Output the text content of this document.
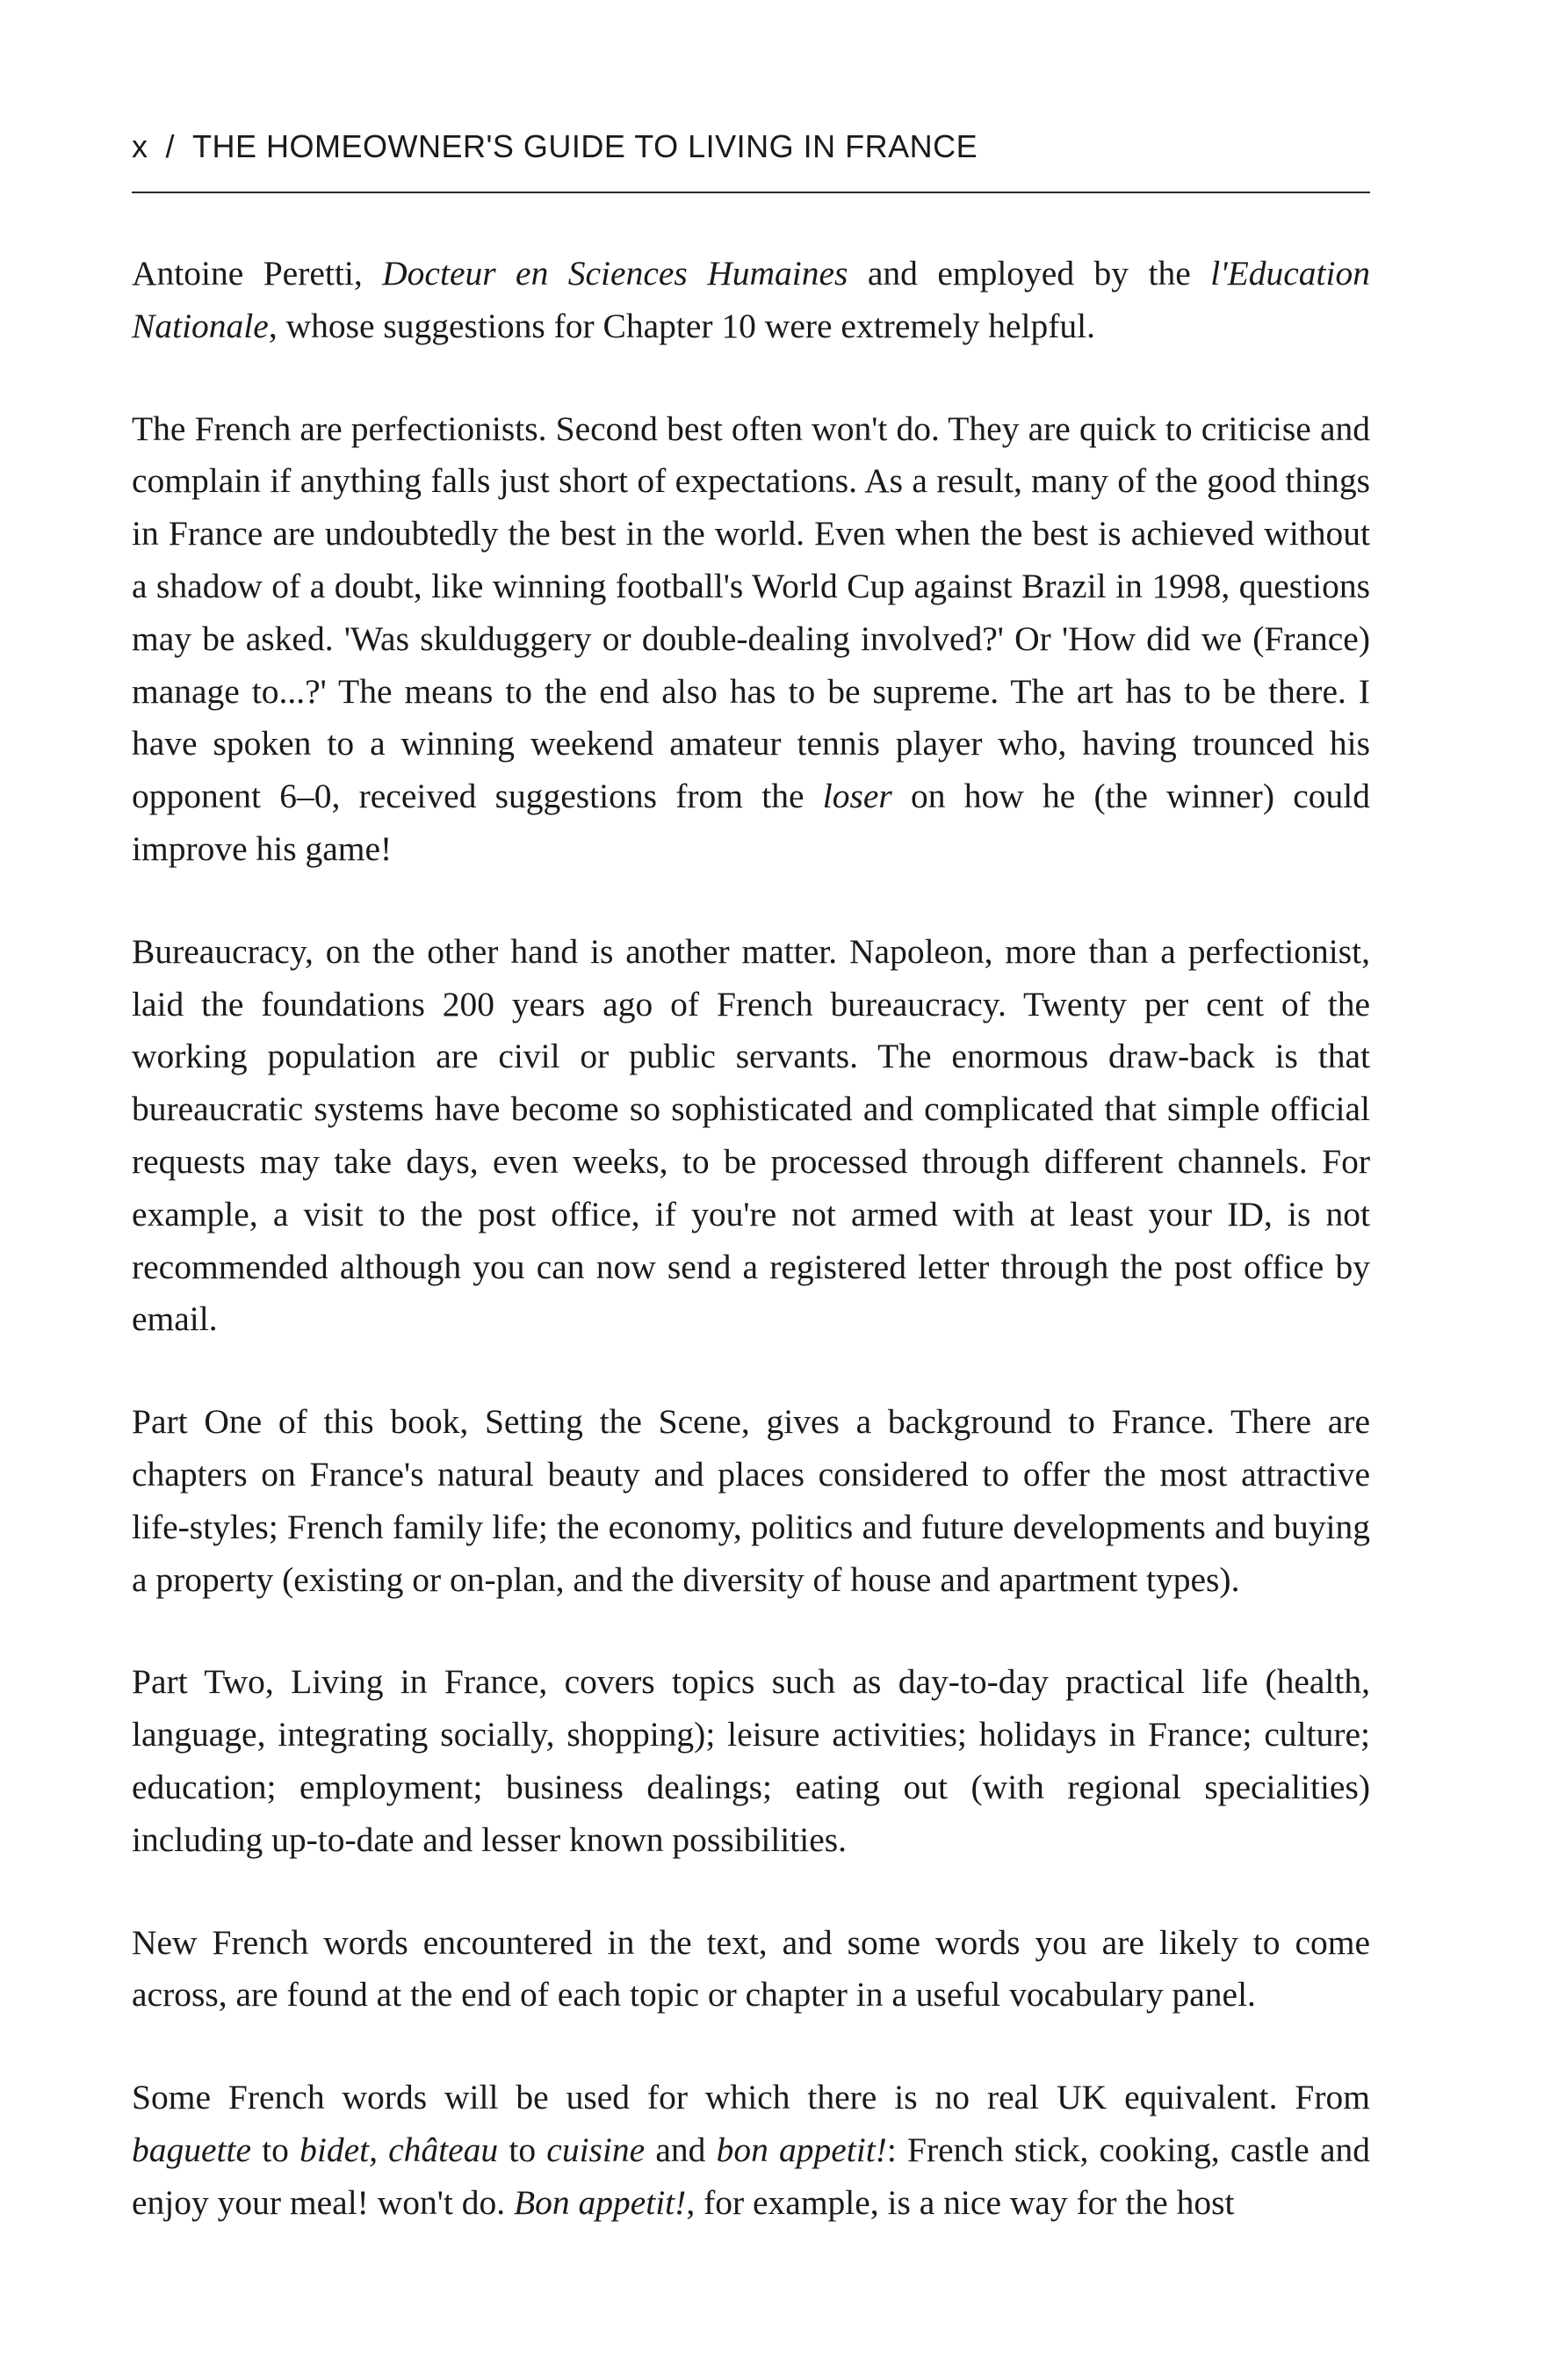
x / THE HOMEOWNER'S GUIDE TO LIVING IN FRANCE

Antoine Peretti, Docteur en Sciences Humaines and employed by the l'Education Nationale, whose suggestions for Chapter 10 were extremely helpful.

The French are perfectionists. Second best often won't do. They are quick to criticise and complain if anything falls just short of expectations. As a result, many of the good things in France are undoubtedly the best in the world. Even when the best is achieved without a shadow of a doubt, like winning football's World Cup against Brazil in 1998, questions may be asked. 'Was skulduggery or double-dealing involved?' Or 'How did we (France) manage to...?' The means to the end also has to be supreme. The art has to be there. I have spoken to a winning weekend amateur tennis player who, having trounced his opponent 6–0, received suggestions from the loser on how he (the winner) could improve his game!

Bureaucracy, on the other hand is another matter. Napoleon, more than a perfectionist, laid the foundations 200 years ago of French bureaucracy. Twenty per cent of the working population are civil or public servants. The enormous draw-back is that bureaucratic systems have become so sophisticated and complicated that simple official requests may take days, even weeks, to be processed through different channels. For example, a visit to the post office, if you're not armed with at least your ID, is not recommended although you can now send a registered letter through the post office by email.

Part One of this book, Setting the Scene, gives a background to France. There are chapters on France's natural beauty and places considered to offer the most attractive life-styles; French family life; the economy, politics and future developments and buying a property (existing or on-plan, and the diversity of house and apartment types).

Part Two, Living in France, covers topics such as day-to-day practical life (health, language, integrating socially, shopping); leisure activities; holidays in France; culture; education; employment; business dealings; eating out (with regional specialities) including up-to-date and lesser known possibilities.

New French words encountered in the text, and some words you are likely to come across, are found at the end of each topic or chapter in a useful vocabulary panel.

Some French words will be used for which there is no real UK equivalent. From baguette to bidet, château to cuisine and bon appetit!: French stick, cooking, castle and enjoy your meal! won't do. Bon appetit!, for example, is a nice way for the host
